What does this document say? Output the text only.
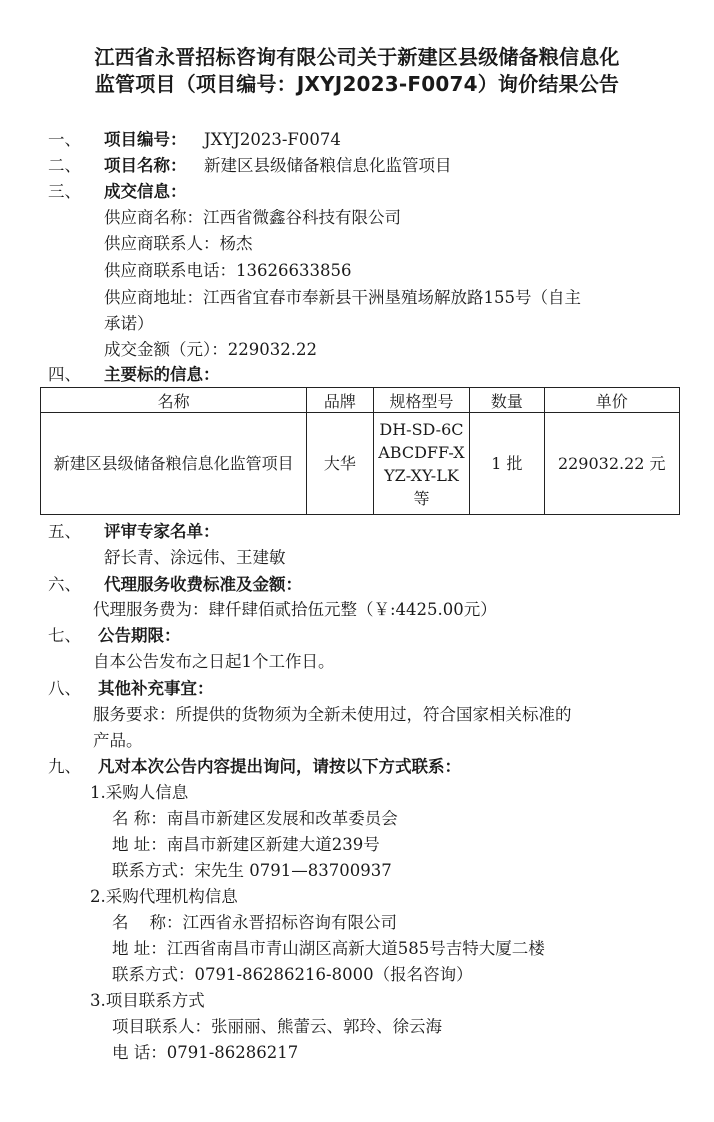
江西省永晋招标咨询有限公司关于新建区县级储备粮信息化
监管项目（项目编号：JXYJ2023-F0074）询价结果公告
一、 项目编号： JXYJ2023-F0074
二、 项目名称： 新建区县级储备粮信息化监管项目
三、 成交信息：
供应商名称：江西省微鑫谷科技有限公司
供应商联系人：杨杰
供应商联系电话：13626633856
供应商地址：江西省宜春市奉新县干洲垦殖场解放路155号（自主
承诺）
成交金额（元）：229032.22
四、 主要标的信息：
名称	品牌	规格型号	数量	单价
新建区县级储备粮信息化监管项目	大华	DH-SD-6CABCDFF-XYZ-XY-LK等	1 批	229032.22 元
五、 评审专家名单：
舒长青、涂远伟、王建敏
六、 代理服务收费标准及金额：
代理服务费为：肆仟肆佰贰拾伍元整（￥:4425.00元）
七、 公告期限：
自本公告发布之日起1个工作日。
八、 其他补充事宜：
服务要求：所提供的货物须为全新未使用过，符合国家相关标准的
产品。
九、 凡对本次公告内容提出询问，请按以下方式联系：
1.采购人信息
名 称：南昌市新建区发展和改革委员会
地 址：南昌市新建区新建大道239号
联系方式：宋先生 0791—83700937
2.采购代理机构信息
名    称：江西省永晋招标咨询有限公司
地 址：江西省南昌市青山湖区高新大道585号吉特大厦二楼
联系方式：0791-86286216-8000（报名咨询）
3.项目联系方式
项目联系人：张丽丽、熊蕾云、郭玲、徐云海
电 话：0791-86286217
